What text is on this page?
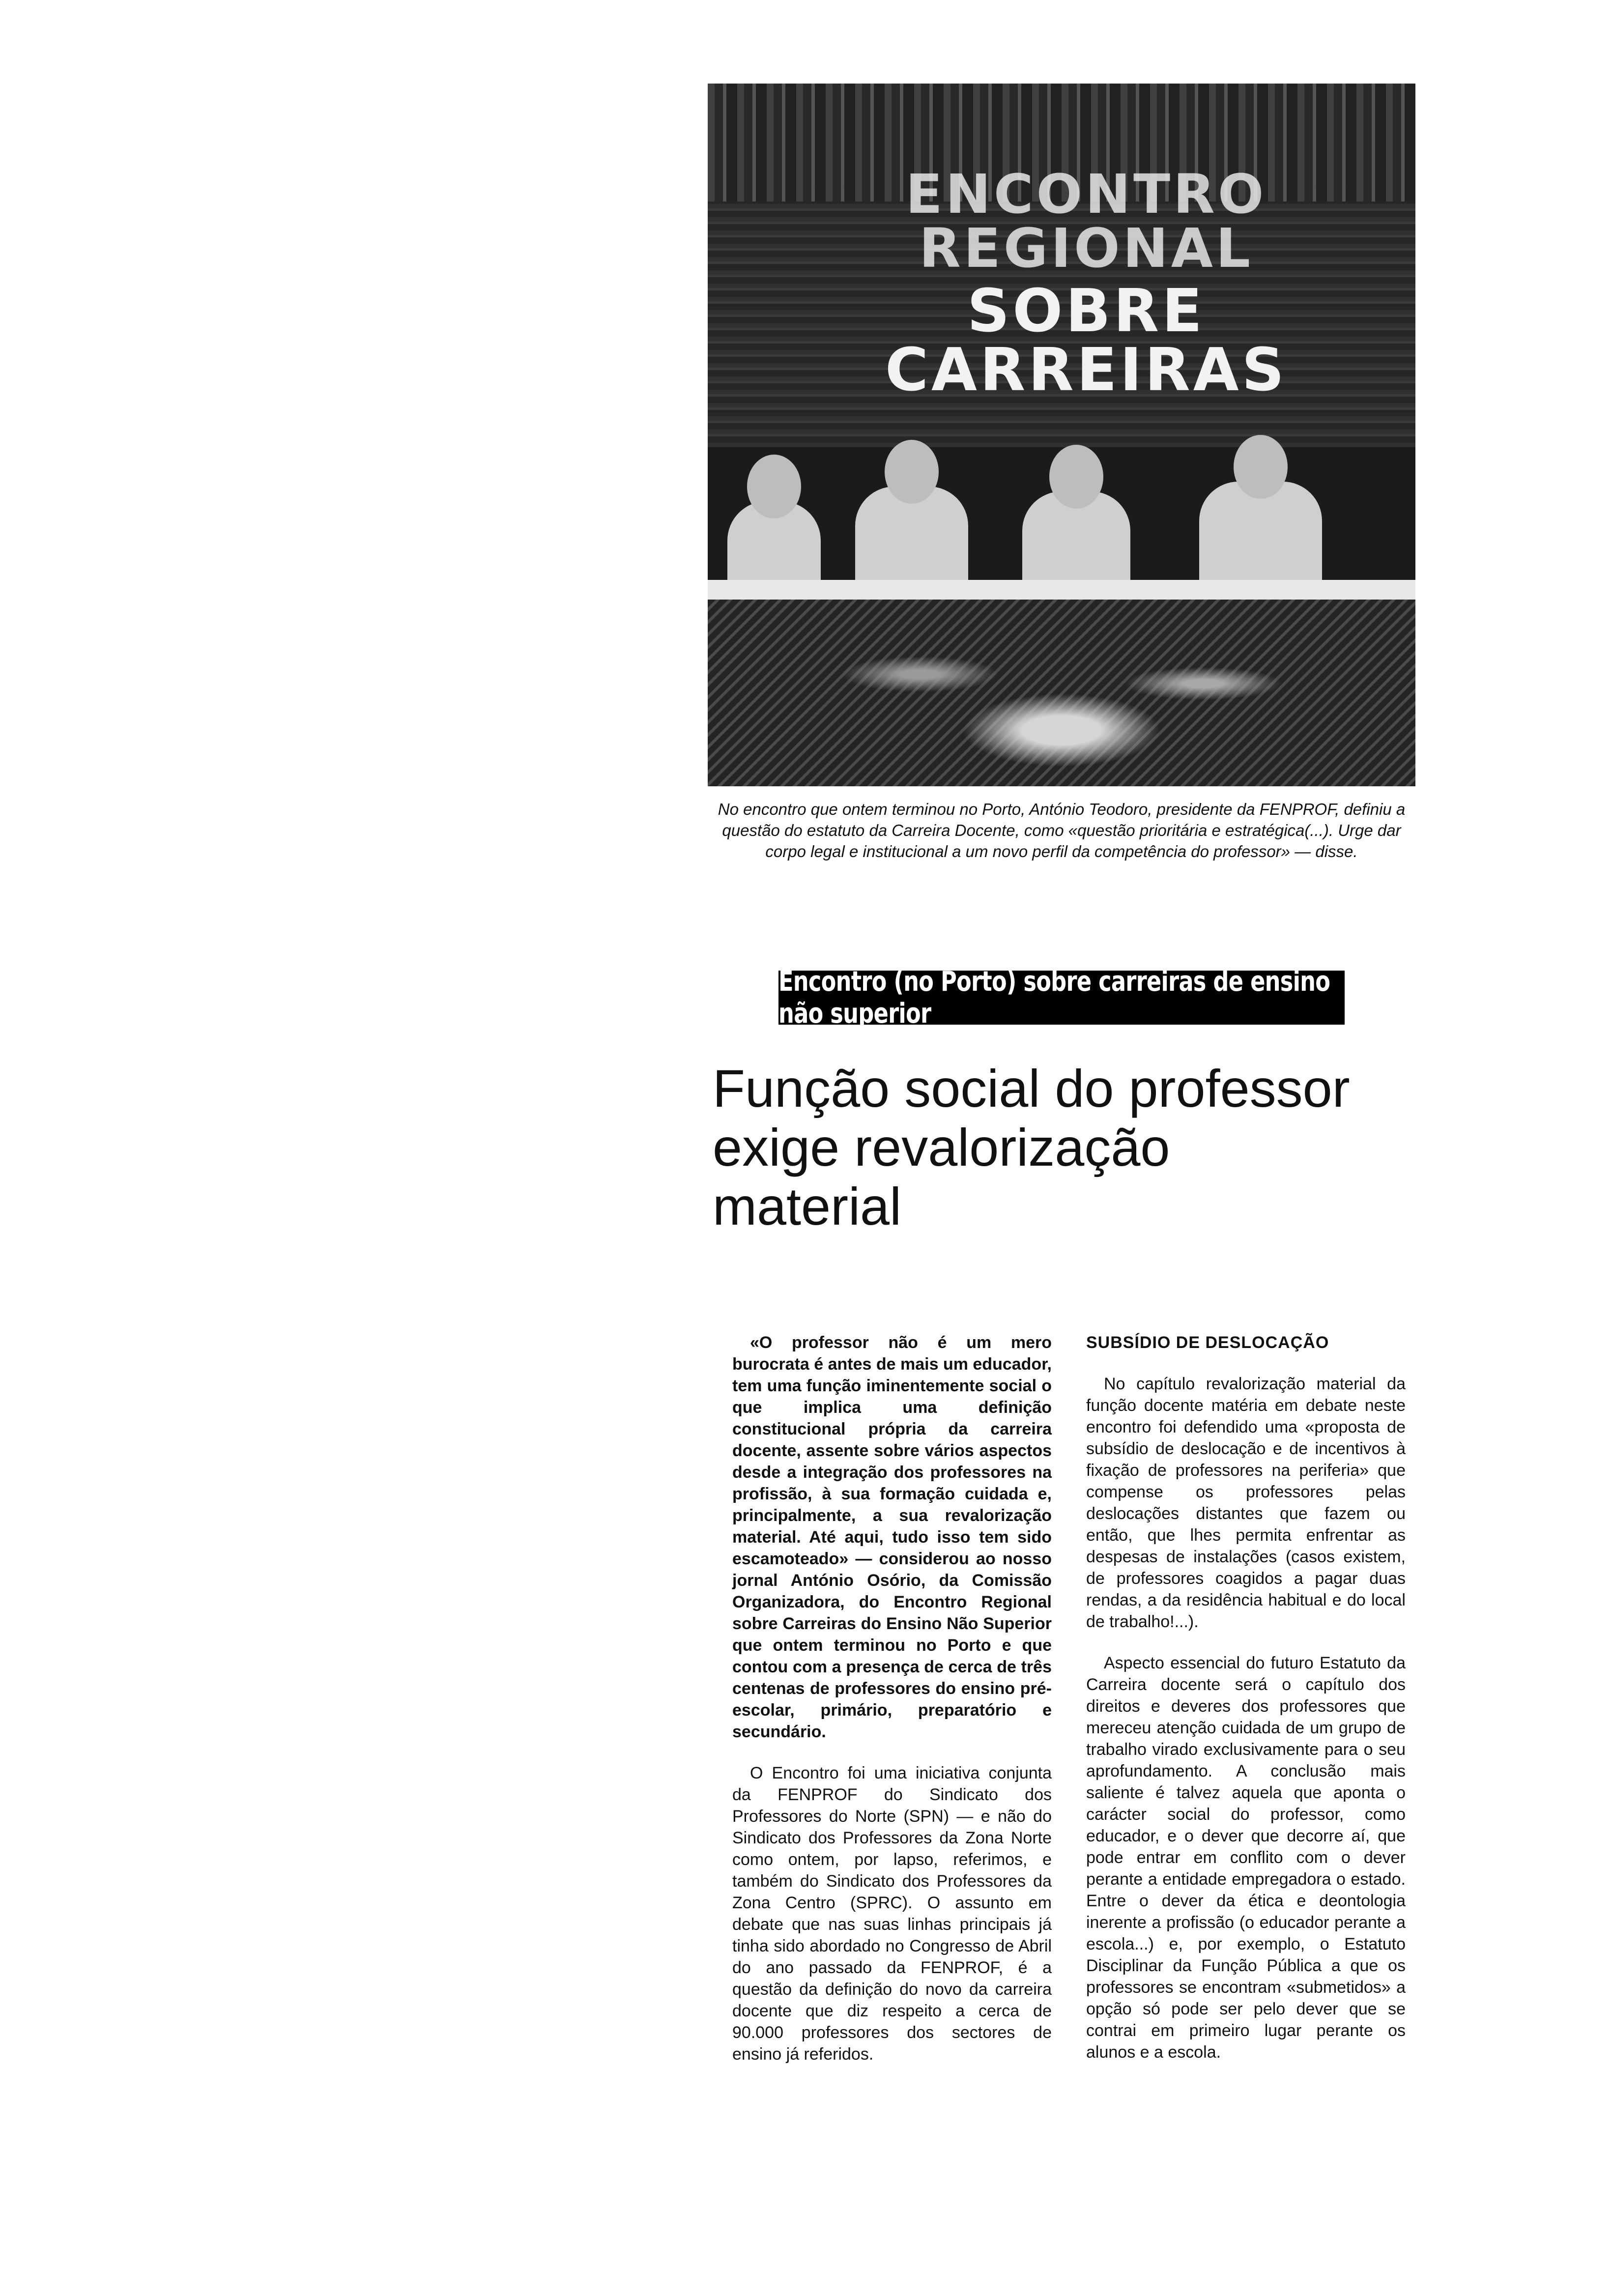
ENCONTRO REGIONAL
SOBRE CARREIRAS
No encontro que ontem terminou no Porto, António Teodoro, presidente da FENPROF, definiu a questão do estatuto da Carreira Docente, como «questão prioritária e estratégica(...). Urge dar corpo legal e institucional a um novo perfil da competência do professor» — disse.
Encontro (no Porto) sobre carreiras de ensino não superior
Função social do professor
exige revalorização
material

«O professor não é um mero burocrata é antes de mais um educador, tem uma função iminentemente social o que implica uma definição constitucional própria da carreira docente, assente sobre vários aspectos desde a integração dos professores na profissão, à sua formação cuidada e, principalmente, a sua revalorização material. Até aqui, tudo isso tem sido escamoteado» — considerou ao nosso jornal António Osório, da Comissão Organizadora, do Encontro Regional sobre Carreiras do Ensino Não Superior que ontem terminou no Porto e que contou com a presença de cerca de três centenas de professores do ensino pré-escolar, primário, preparatório e secundário.

O Encontro foi uma iniciativa conjunta da FENPROF do Sindicato dos Professores do Norte (SPN) — e não do Sindicato dos Professores da Zona Norte como ontem, por lapso, referimos, e também do Sindicato dos Professores da Zona Centro (SPRC). O assunto em debate que nas suas linhas principais já tinha sido abordado no Congresso de Abril do ano passado da FENPROF, é a questão da definição do novo da carreira docente que diz respeito a cerca de 90.000 professores dos sectores de ensino já referidos.

SUBSÍDIO DE DESLOCAÇÃO

No capítulo revalorização material da função docente matéria em debate neste encontro foi defendido uma «proposta de subsídio de deslocação e de incentivos à fixação de professores na periferia» que compense os professores pelas deslocações distantes que fazem ou então, que lhes permita enfrentar as despesas de instalações (casos existem, de professores coagidos a pagar duas rendas, a da residência habitual e do local de trabalho!...).

Aspecto essencial do futuro Estatuto da Carreira docente será o capítulo dos direitos e deveres dos professores que mereceu atenção cuidada de um grupo de trabalho virado exclusivamente para o seu aprofundamento. A conclusão mais saliente é talvez aquela que aponta o carácter social do professor, como educador, e o dever que decorre aí, que pode entrar em conflito com o dever perante a entidade empregadora o estado. Entre o dever da ética e deontologia inerente a profissão (o educador perante a escola...) e, por exemplo, o Estatuto Disciplinar da Função Pública a que os professores se encontram «submetidos» a opção só pode ser pelo dever que se contrai em primeiro lugar perante os alunos e a escola.
